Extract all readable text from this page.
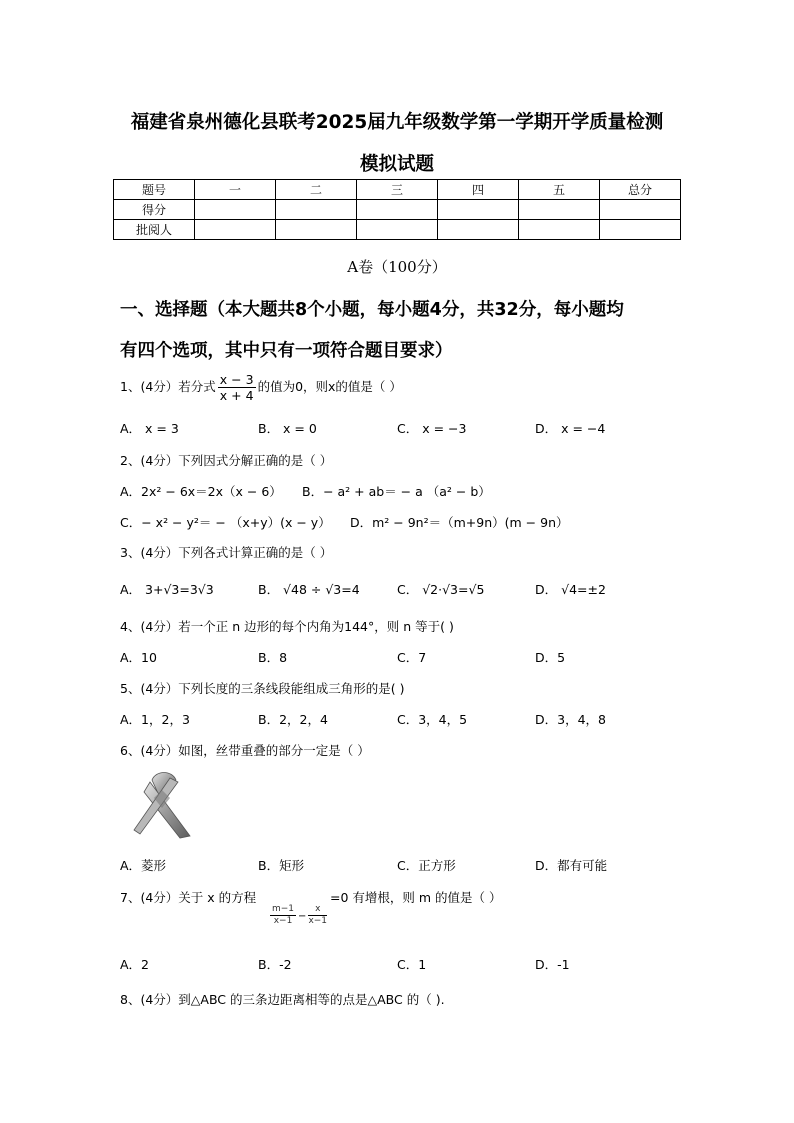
福建省泉州德化县联考2025届九年级数学第一学期开学质量检测
模拟试题
题号	一	二	三	四	五	总分
得分						
批阅人						
A卷（100分）
一、选择题（本大题共8个小题，每小题4分，共32分，每小题均
有四个选项，其中只有一项符合题目要求）
1、(4分）若分式 $\frac{x - 3}{x + 4}$ 的值为0，则x的值是（ ）
A． x = 3	B． x = 0	C． x = −3	D． x = −4
2、(4分）下列因式分解正确的是（ ）
A．2x² − 6x＝2x（x − 6） B．− a² + ab＝ − a （a² − b）
C．− x² − y²＝ − （x+y）(x − y） D．m² − 9n²＝（m+9n）(m − 9n）
3、(4分）下列各式计算正确的是（ ）
A． 3+√3=3√3	B． √48 ÷ √3=4	C． √2·√3=√5	D． √4=±2
4、(4分）若一个正 n 边形的每个内角为144°，则 n 等于( )
A．10	B．8	C．7	D．5
5、(4分）下列长度的三条线段能组成三角形的是( )
A．1，2，3	B．2，2，4	C．3，4，5	D．3，4，8
6、(4分）如图，丝带重叠的部分一定是（ ）
A．菱形	B．矩形	C．正方形	D．都有可能
7、(4分）关于 x 的方程
$\frac{m-1}{x-1} - \frac{x}{x-1}$
=0 有增根，则 m 的值是（ ）
A．2	B．-2	C．1	D．-1
8、(4分）到△ABC 的三条边距离相等的点是△ABC 的（ ).
